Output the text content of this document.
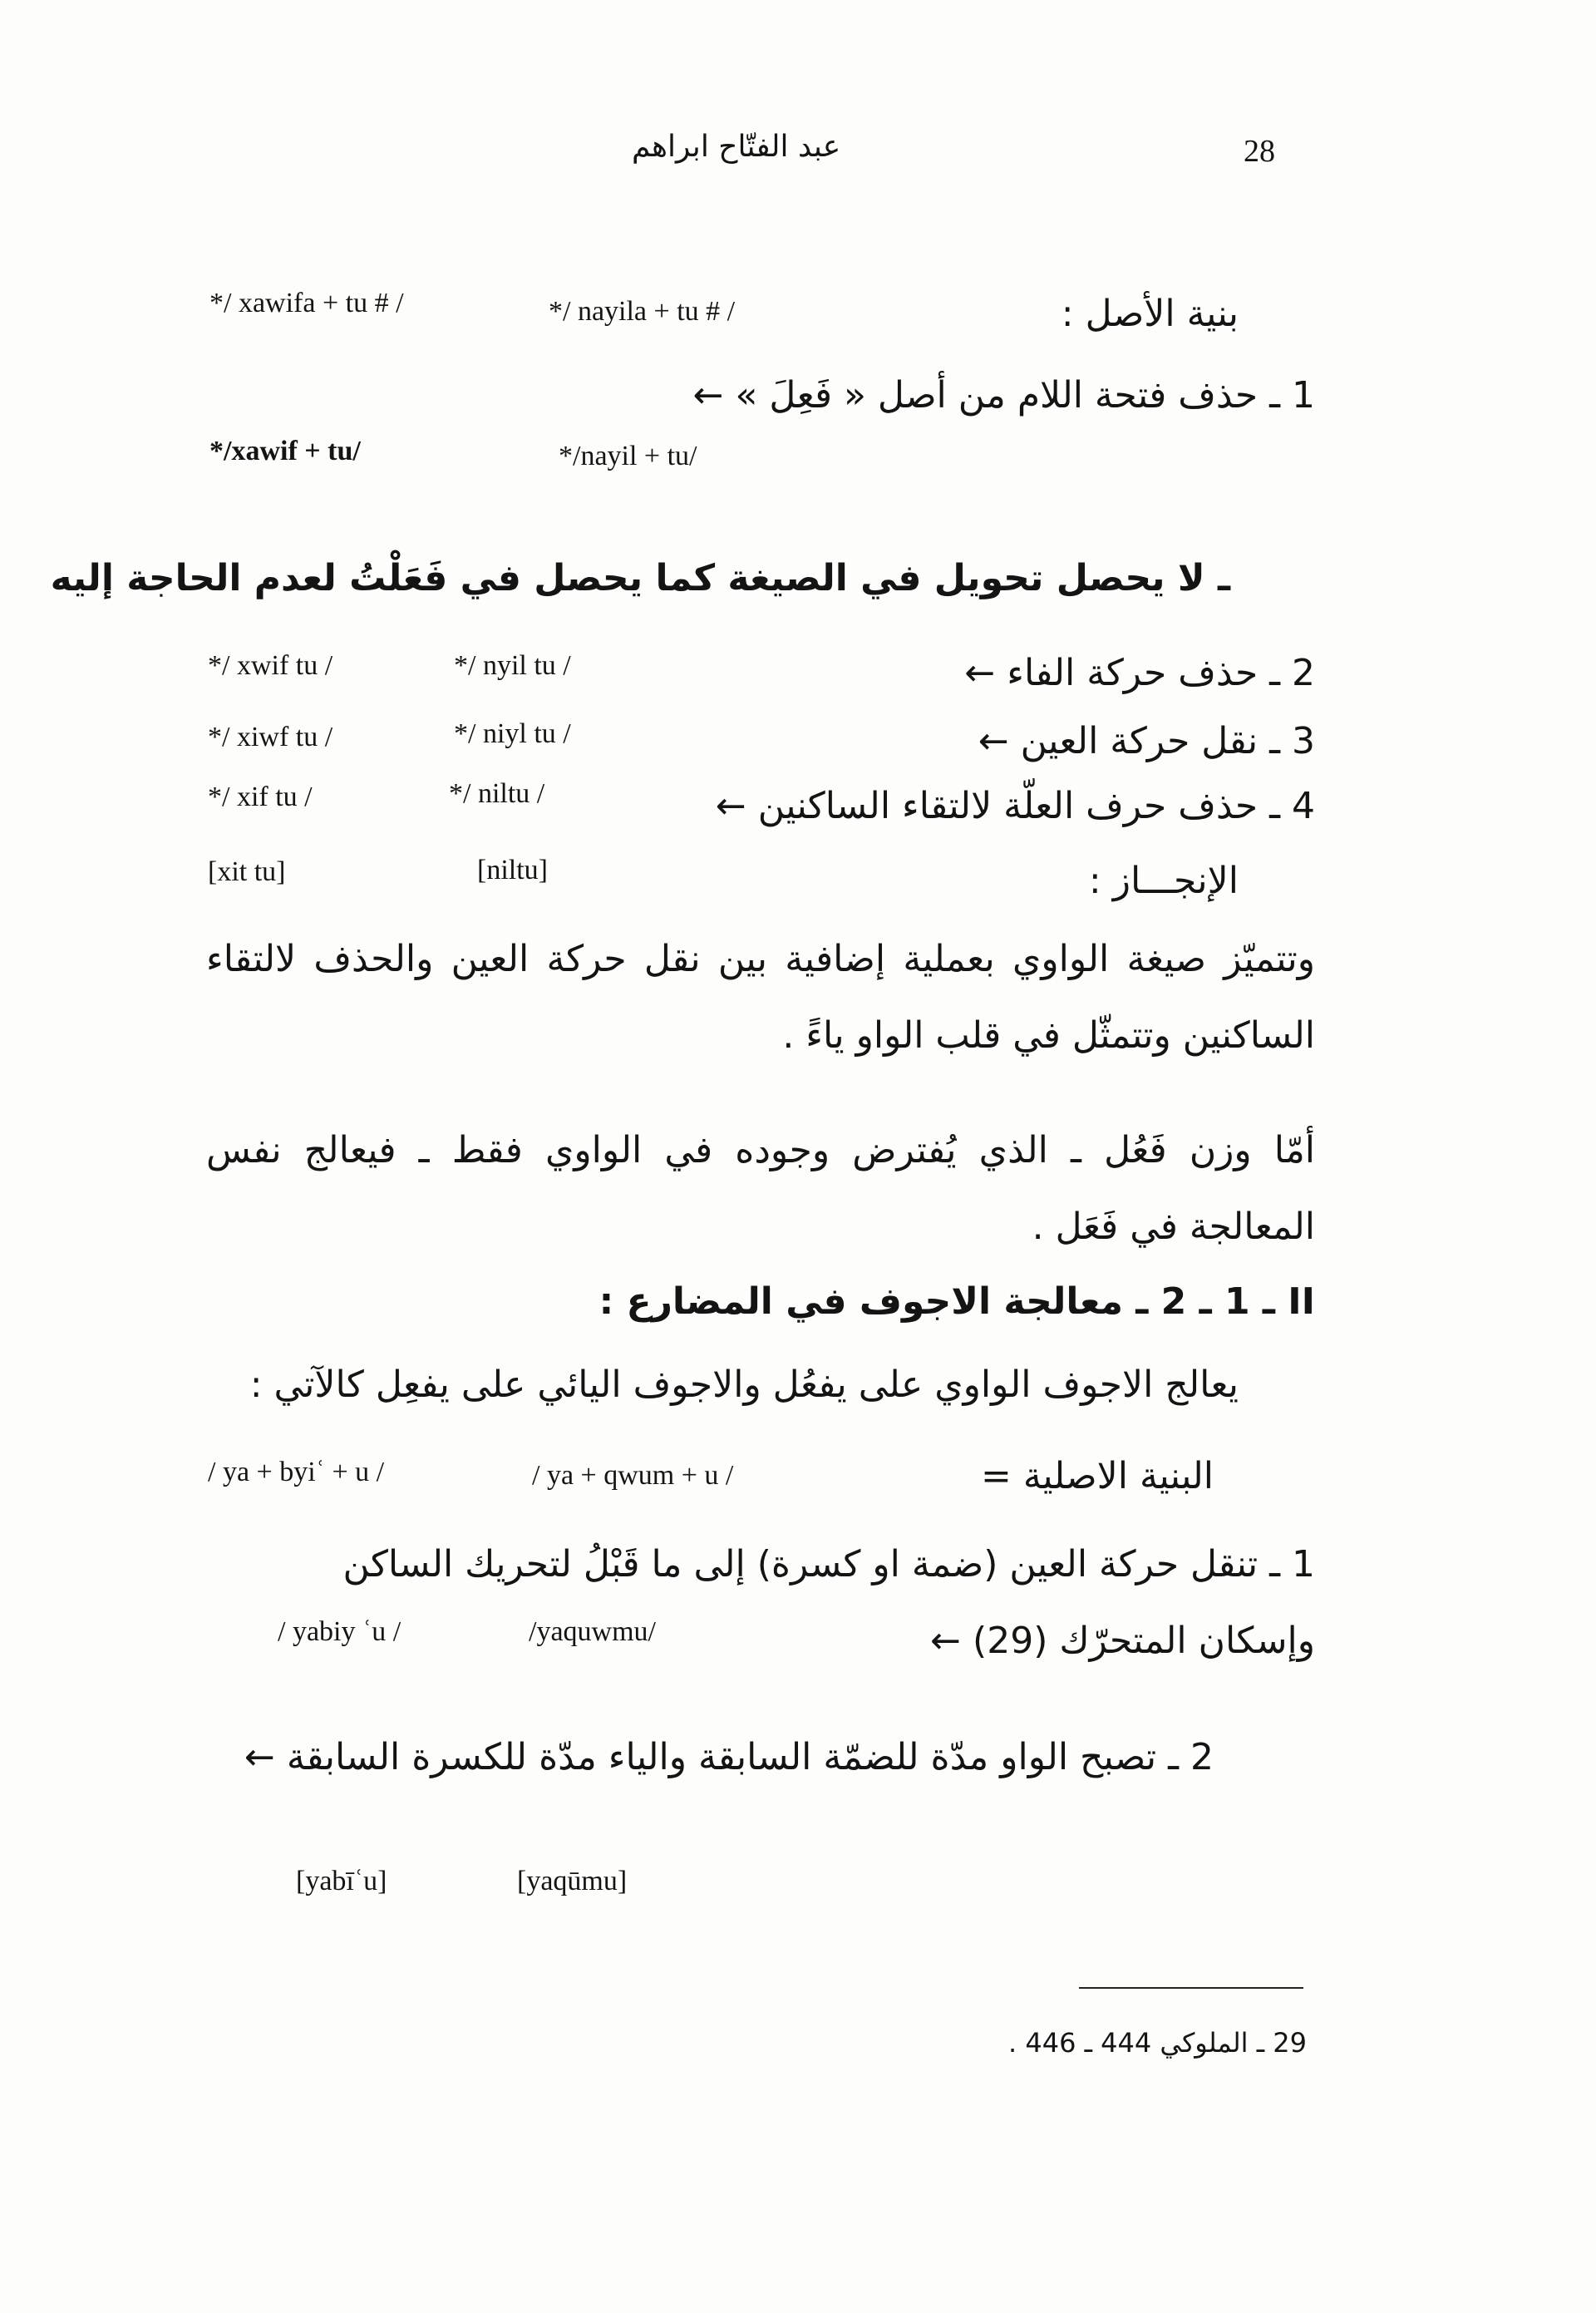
28
عبد الفتّاح ابراهم
*/ xawifa + tu # /	*/ nayila + tu # /	بنية الأصل :
1 ـ حذف فتحة اللام من أصل « فَعِلَ » ←
*/xawif + tu/	*/nayil + tu/
ـ لا يحصل تحويل في الصيغة كما يحصل في فَعَلْتُ لعدم الحاجة إليه
*/ xwif tu /	*/ nyil tu /	2 ـ حذف حركة الفاء ←
*/ xiwf tu /	*/ niyl tu /	3 ـ نقل حركة العين ←
*/ xif tu /	*/ niltu /	4 ـ حذف حرف العلّة لالتقاء الساكنين ←
[xit tu]	[niltu]	الإنجـــاز :
وتتميّز صيغة الواوي بعملية إضافية بين نقل حركة العين والحذف لالتقاء الساكنين وتتمثّل في قلب الواو ياءً .
أمّا وزن فَعُل ـ الذي يُفترض وجوده في الواوي فقط ـ فيعالج نفس المعالجة في فَعَل .
II ـ 1 ـ 2 ـ معالجة الاجوف في المضارع :
يعالج الاجوف الواوي على يفعُل والاجوف اليائي على يفعِل كالآتي :
/ ya + byiʿ + u /	/ ya + qwum + u /	البنية الاصلية =
1 ـ تنقل حركة العين (ضمة او كسرة) إلى ما قَبْلُ لتحريك الساكن
/ yabiy ʿu /	/yaquwmu/	وإسكان المتحرّك (29) ←
2 ـ تصبح الواو مدّة للضمّة السابقة والياء مدّة للكسرة السابقة ←
[yabīʿu]	[yaqūmu]
29 ـ الملوكي 444 ـ 446 .
